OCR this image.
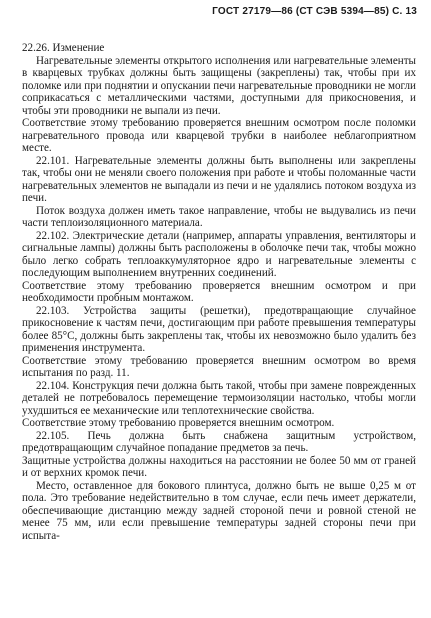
ГОСТ 27179—86 (СТ СЭВ 5394—85) С. 13

22.26. Изменение

Нагревательные элементы открытого исполнения или нагревательные элементы в кварцевых трубках должны быть защищены (закреплены) так, чтобы при их поломке или при поднятии и опускании печи нагревательные проводники не могли соприкасаться с металлическими частями, доступными для прикосновения, и чтобы эти проводники не выпали из печи.

Соответствие этому требованию проверяется внешним осмотром после поломки нагревательного провода или кварцевой трубки в наиболее неблагоприятном месте.

22.101. Нагревательные элементы должны быть выполнены или закреплены так, чтобы они не меняли своего положения при работе и чтобы поломанные части нагревательных элементов не выпадали из печи и не удалялись потоком воздуха из печи.

Поток воздуха должен иметь такое направление, чтобы не выдувались из печи части теплоизоляционного материала.

22.102. Электрические детали (например, аппараты управления, вентиляторы и сигнальные лампы) должны быть расположены в оболочке печи так, чтобы можно было легко собрать теплоаккумуляторное ядро и нагревательные элементы с последующим выполнением внутренних соединений.

Соответствие этому требованию проверяется внешним осмотром и при необходимости пробным монтажом.

22.103. Устройства защиты (решетки), предотвращающие случайное прикосновение к частям печи, достигающим при работе превышения температуры более 85°С, должны быть закреплены так, чтобы их невозможно было удалить без применения инструмента.

Соответствие этому требованию проверяется внешним осмотром во время испытания по разд. 11.

22.104. Конструкция печи должна быть такой, чтобы при замене поврежденных деталей не потребовалось перемещение термоизоляции настолько, чтобы могли ухудшиться ее механические или теплотехнические свойства.

Соответствие этому требованию проверяется внешним осмотром.

22.105. Печь должна быть снабжена защитным устройством, предотвращающим случайное попадание предметов за печь.

Защитные устройства должны находиться на расстоянии не более 50 мм от граней и от верхних кромок печи.

Место, оставленное для бокового плинтуса, должно быть не выше 0,25 м от пола. Это требование недействительно в том случае, если печь имеет держатели, обеспечивающие дистанцию между задней стороной печи и ровной стеной не менее 75 мм, или если превышение температуры задней стороны печи при испыта-
